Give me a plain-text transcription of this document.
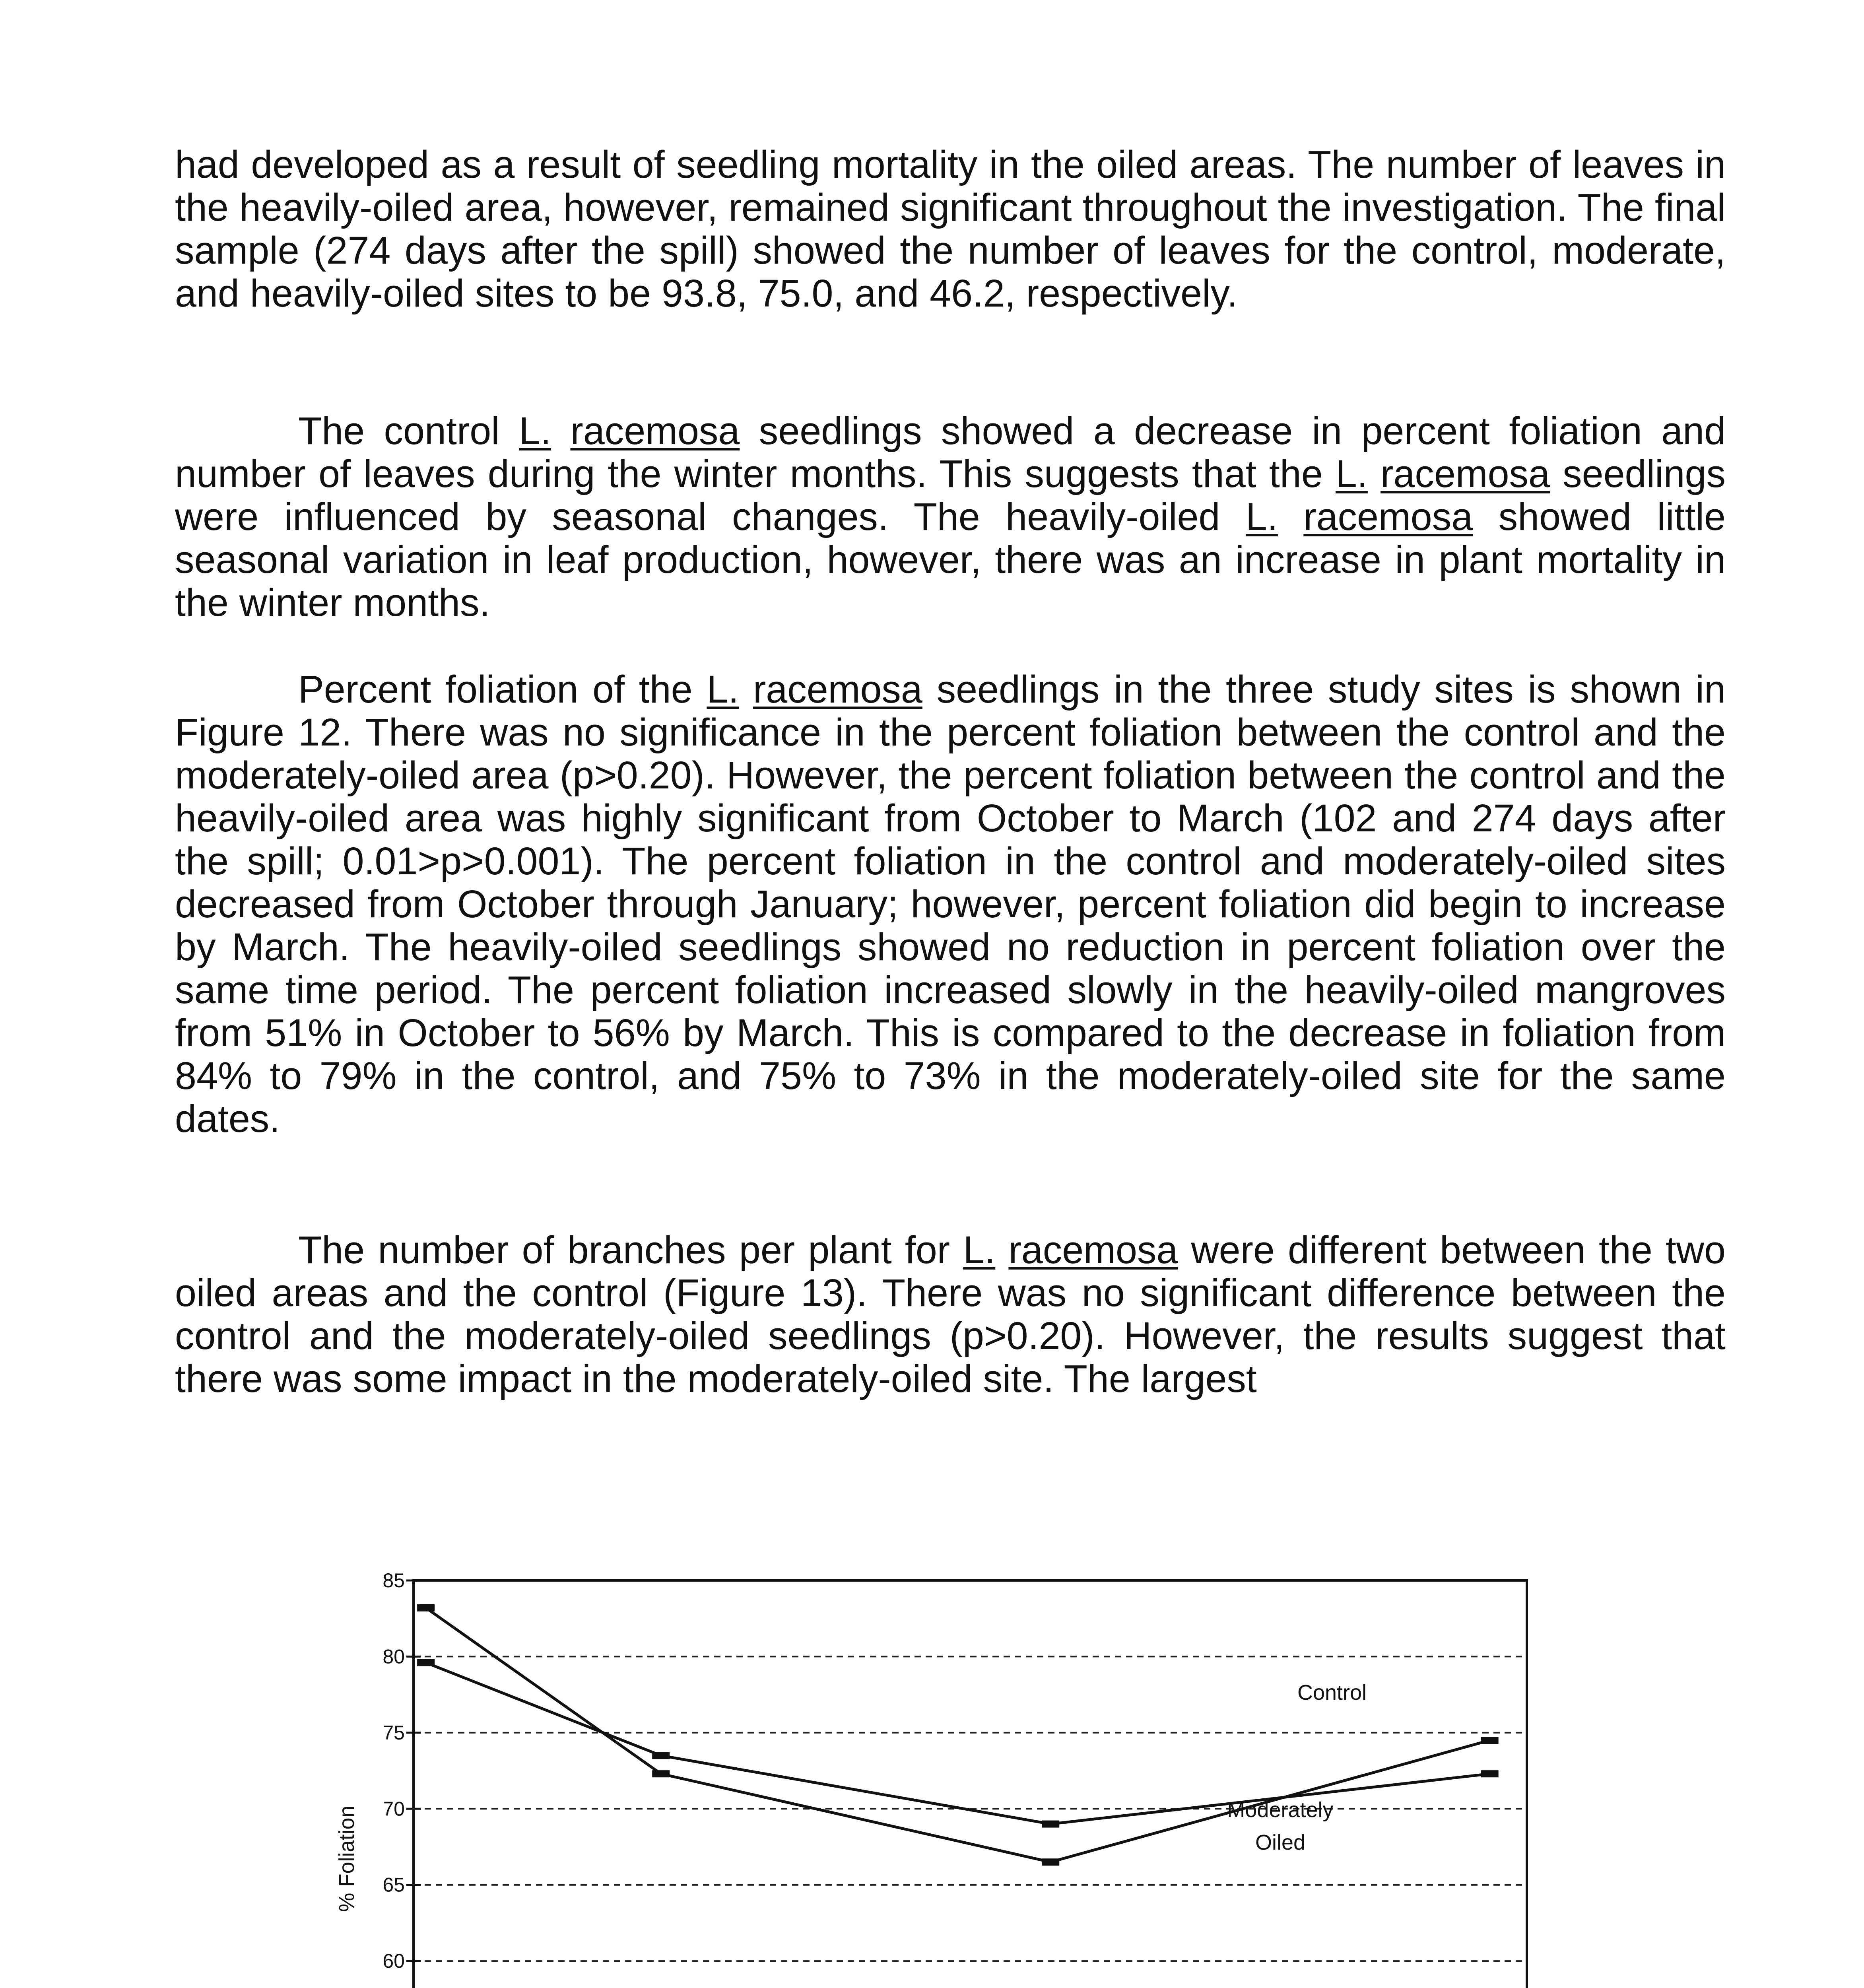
had developed as a result of seedling mortality in the oiled areas. The number of leaves in the heavily-oiled area, however, remained significant throughout the investigation. The final sample (274 days after the spill) showed the number of leaves for the control, moderate, and heavily-oiled sites to be 93.8, 75.0, and 46.2, respectively.

The control L. racemosa seedlings showed a decrease in percent foliation and number of leaves during the winter months. This suggests that the L. racemosa seedlings were influenced by seasonal changes. The heavily-oiled L. racemosa showed little seasonal variation in leaf production, however, there was an increase in plant mortality in the winter months.

Percent foliation of the L. racemosa seedlings in the three study sites is shown in Figure 12. There was no significance in the percent foliation between the control and the moderately-oiled area (p>0.20). However, the percent foliation between the control and the heavily-oiled area was highly significant from October to March (102 and 274 days after the spill; 0.01>p>0.001). The percent foliation in the control and moderately-oiled sites decreased from October through January; however, percent foliation did begin to increase by March. The heavily-oiled seedlings showed no reduction in percent foliation over the same time period. The percent foliation increased slowly in the heavily-oiled mangroves from 51% in October to 56% by March. This is compared to the decrease in foliation from 84% to 79% in the control, and 75% to 73% in the moderately-oiled site for the same dates.

The number of branches per plant for L. racemosa were different between the two oiled areas and the control (Figure 13). There was no significant difference between the control and the moderately-oiled seedlings (p>0.20). However, the results suggest that there was some impact in the moderately-oiled site. The largest

60
65
70
75
80
85
% Foliation
Control
Moderately
Oiled
